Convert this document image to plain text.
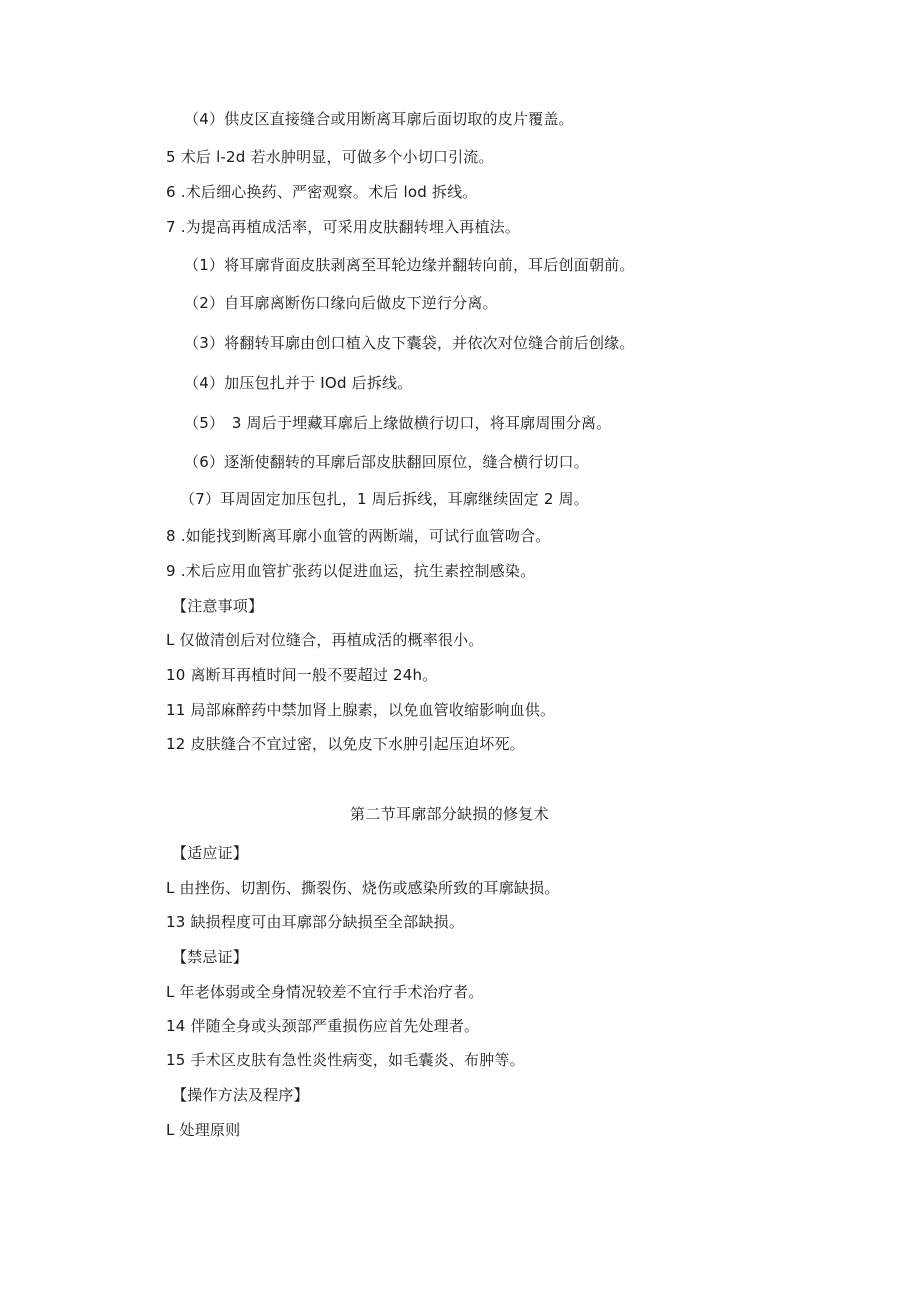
（4）供皮区直接缝合或用断离耳廓后面切取的皮片覆盖。
5 术后 l-2d 若水肿明显，可做多个小切口引流。
6 .术后细心换药、严密观察。术后 lod 拆线。
7 .为提高再植成活率，可采用皮肤翻转埋入再植法。
（1）将耳廓背面皮肤剥离至耳轮边缘并翻转向前，耳后创面朝前。
（2）自耳廓离断伤口缘向后做皮下逆行分离。
（3）将翻转耳廓由创口植入皮下囊袋，并依次对位缝合前后创缘。
（4）加压包扎并于 IOd 后拆线。
（5）　3 周后于埋藏耳廓后上缘做横行切口，将耳廓周围分离。
（6）逐渐使翻转的耳廓后部皮肤翻回原位，缝合横行切口。
（7）耳周固定加压包扎，1 周后拆线，耳廓继续固定 2 周。
8 .如能找到断离耳廓小血管的两断端，可试行血管吻合。
9 .术后应用血管扩张药以促进血运，抗生素控制感染。
【注意事项】
L 仅做清创后对位缝合，再植成活的概率很小。
10 离断耳再植时间一般不要超过 24h。
11 局部麻醉药中禁加肾上腺素，以免血管收缩影响血供。
12 皮肤缝合不宜过密，以免皮下水肿引起压迫坏死。
第二节耳廓部分缺损的修复术
【适应证】
L 由挫伤、切割伤、撕裂伤、烧伤或感染所致的耳廓缺损。
13 缺损程度可由耳廓部分缺损至全部缺损。
【禁忌证】
L 年老体弱或全身情况较差不宜行手术治疗者。
14 伴随全身或头颈部严重损伤应首先处理者。
15 手术区皮肤有急性炎性病变，如毛囊炎、布肿等。
【操作方法及程序】
L 处理原则
